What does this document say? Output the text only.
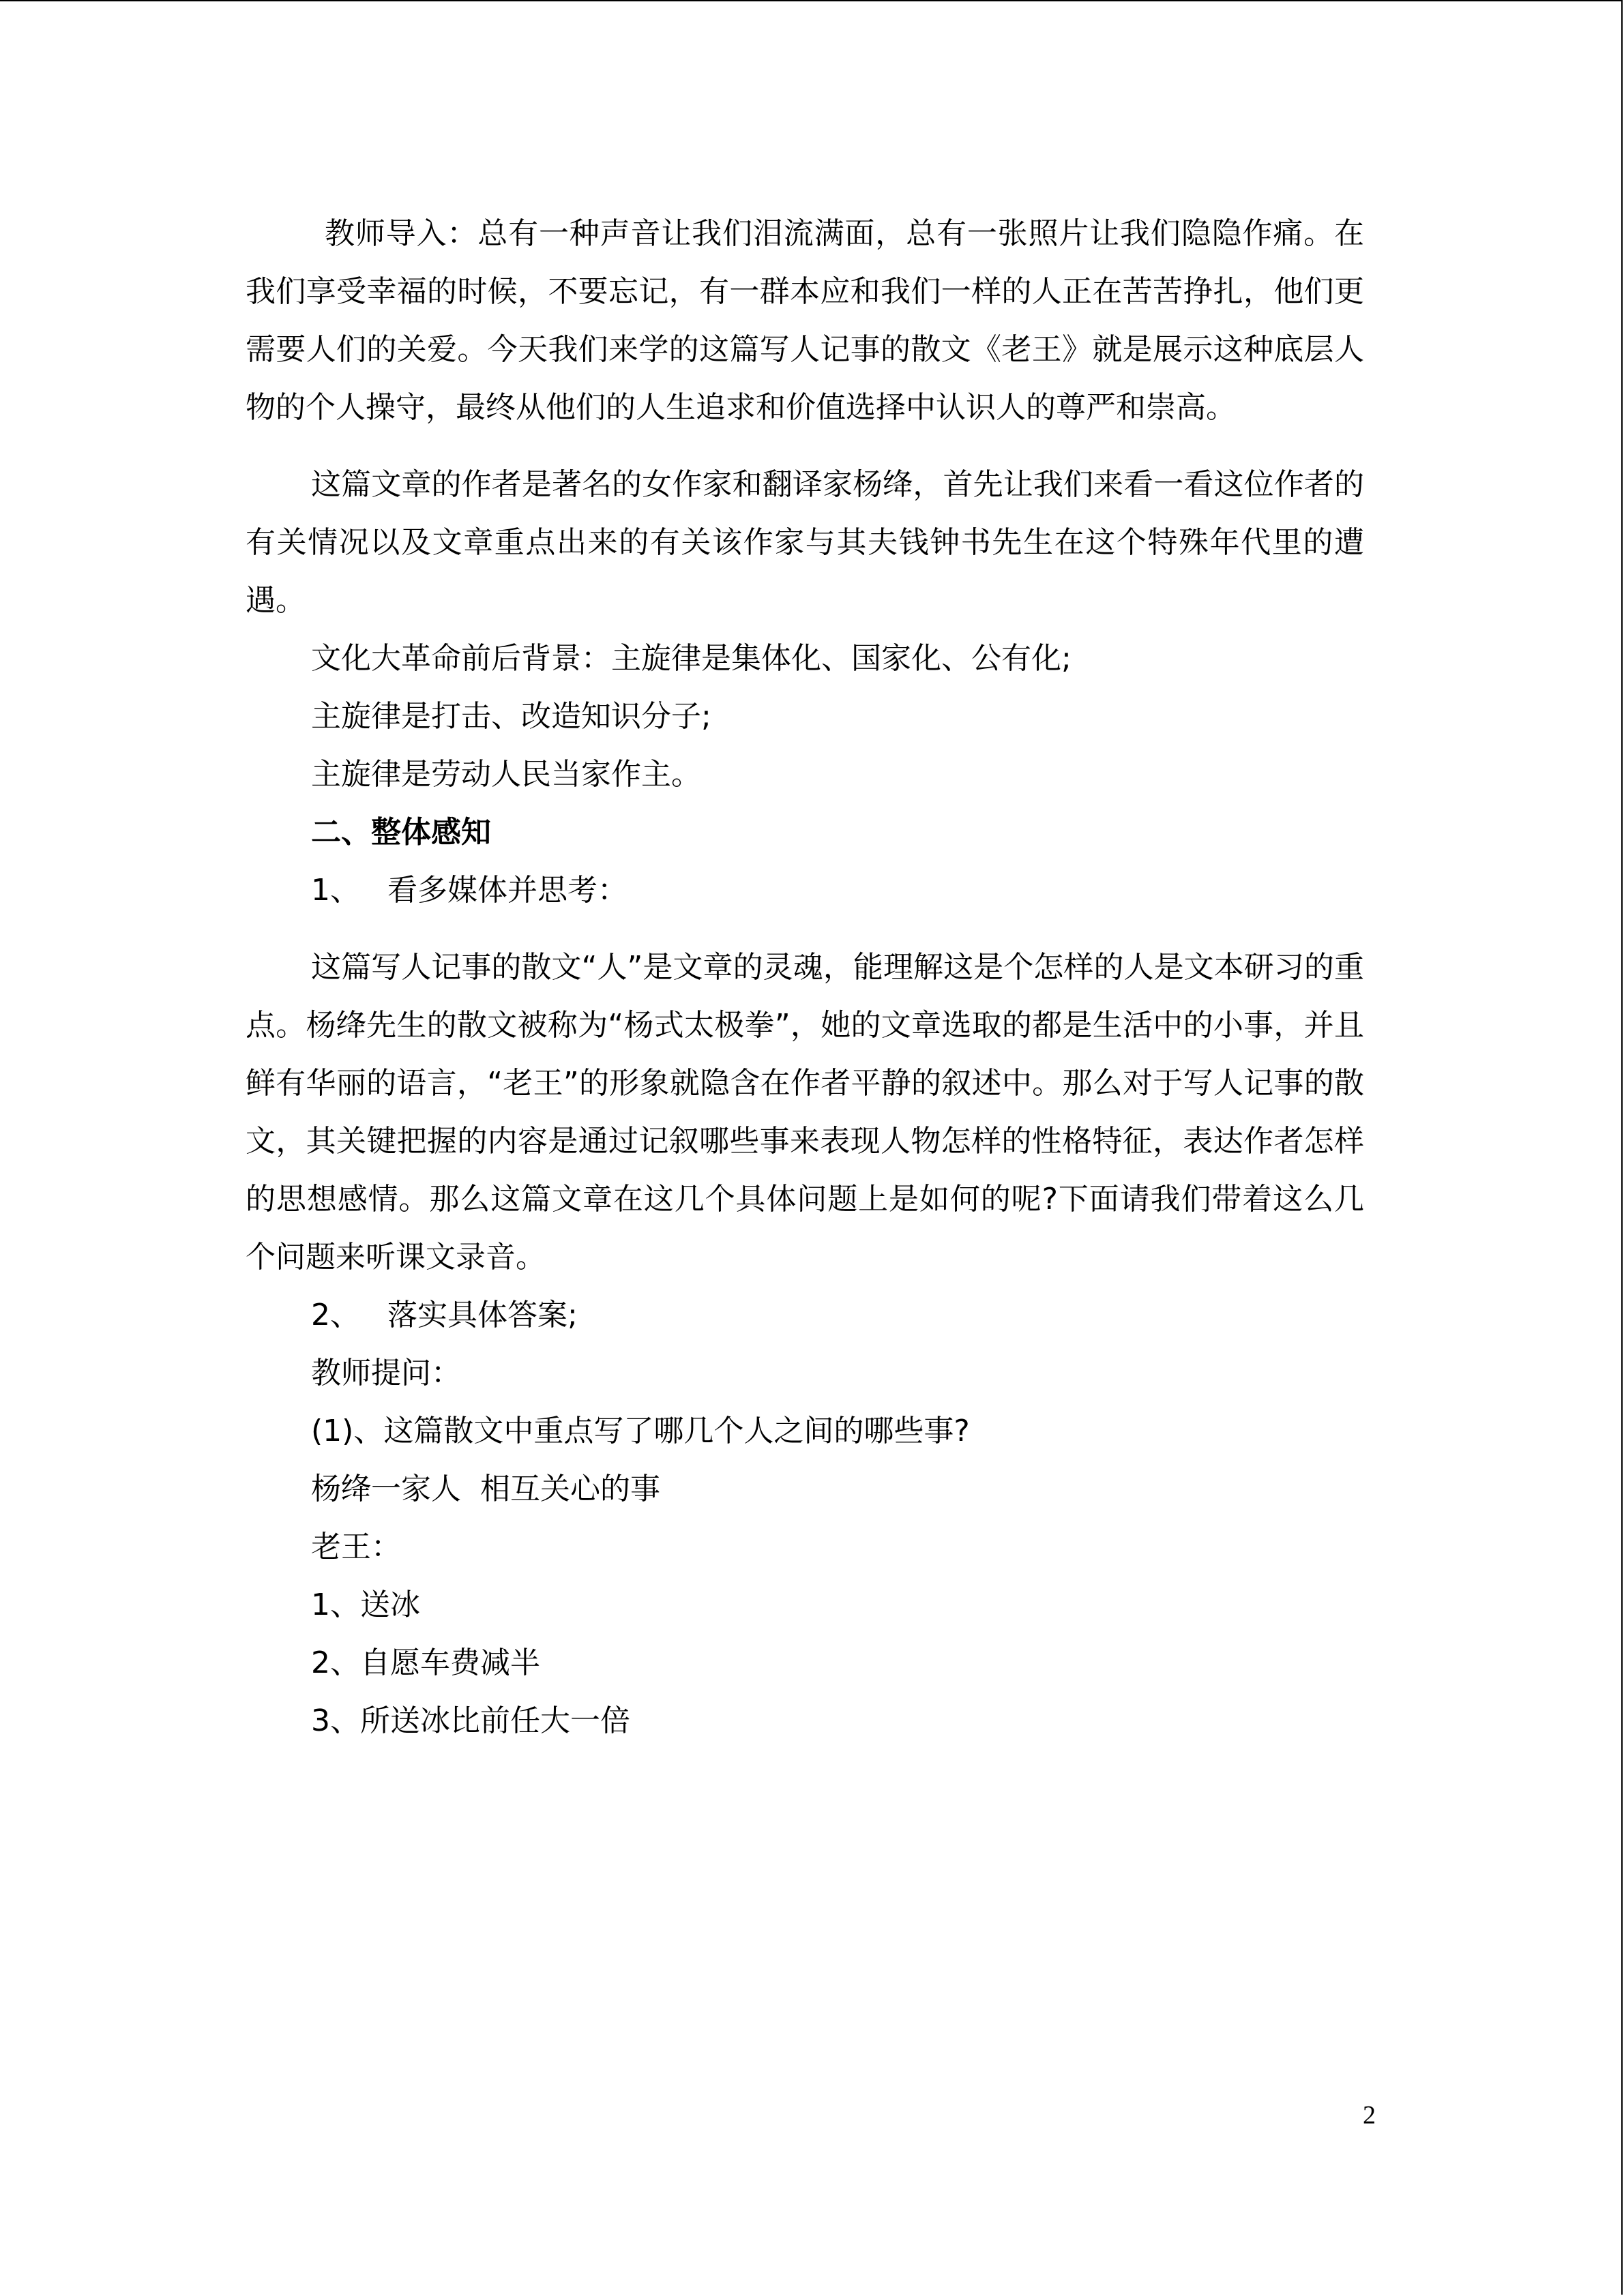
教师导入：总有一种声音让我们泪流满面，总有一张照片让我们隐隐作痛。在我们享受幸福的时候，不要忘记，有一群本应和我们一样的人正在苦苦挣扎，他们更需要人们的关爱。今天我们来学的这篇写人记事的散文《老王》就是展示这种底层人物的个人操守，最终从他们的人生追求和价值选择中认识人的尊严和崇高。

这篇文章的作者是著名的女作家和翻译家杨绛，首先让我们来看一看这位作者的有关情况以及文章重点出来的有关该作家与其夫钱钟书先生在这个特殊年代里的遭遇。

文化大革命前后背景：主旋律是集体化、国家化、公有化;

主旋律是打击、改造知识分子;

主旋律是劳动人民当家作主。

二、整体感知

1、 看多媒体并思考：

这篇写人记事的散文“人”是文章的灵魂，能理解这是个怎样的人是文本研习的重点。杨绛先生的散文被称为“杨式太极拳”，她的文章选取的都是生活中的小事，并且鲜有华丽的语言，“老王”的形象就隐含在作者平静的叙述中。那么对于写人记事的散文，其关键把握的内容是通过记叙哪些事来表现人物怎样的性格特征，表达作者怎样的思想感情。那么这篇文章在这几个具体问题上是如何的呢?下面请我们带着这么几个问题来听课文录音。

2、 落实具体答案;

教师提问：

(1)、这篇散文中重点写了哪几个人之间的哪些事?

杨绛一家人  相互关心的事

老王：

1、送冰

2、自愿车费减半

3、所送冰比前任大一倍

2
